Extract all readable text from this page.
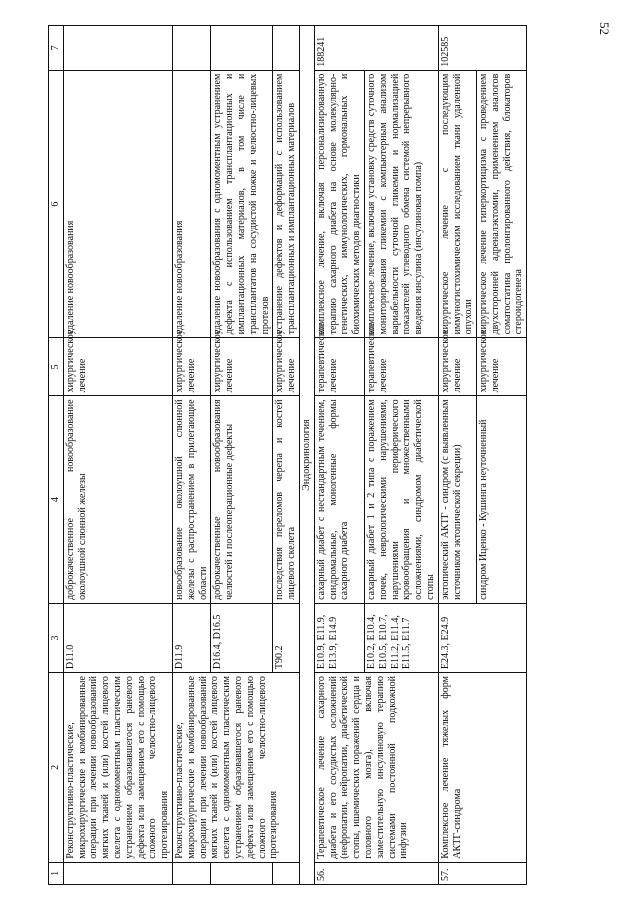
52
1	2	3	4	5	6	7
	Реконструктивно-пластические, микрохирургические и комбинированные операции при лечении новообразований мягких тканей и (или) костей лицевого скелета с одномоментным пластическим устранением образовавшегося раневого дефекта или замещением его с помощью сложного челюстно-лицевого протезирования	D11.0	доброкачественное новообразование околоушной слюнной железы	хирургическое лечение	удаление новообразования	
	Реконструктивно-пластические, микрохирургические и комбинированные операции при лечении новообразований мягких тканей и (или) костей лицевого скелета с одномоментным пластическим устранением образовавшегося раневого дефекта или замещением его с помощью сложного челюстно-лицевого протезирования	D11.9	новообразование околоушной слюнной железы с распространением в прилегающие области	хирургическое лечение	удаление новообразования	
		D16.4, D16.5	доброкачественные новообразования челюстей и послеоперационные дефекты	хирургическое лечение	удаление новообразования с одномоментным устранением дефекта с использованием трансплантационных и имплантационных материалов, в том числе и трансплантатов на сосудистой ножке и челюстно-лицевых протезов	
		T90.2	последствия переломов черепа и костей лицевого скелета	хирургическое лечение	устранение дефектов и деформаций с использованием трансплантационных и имплантационных материалов	
Эндокринология						
56.	Терапевтическое лечение сахарного диабета и его сосудистых осложнений (нефропатии, нейропатии, диабетической стопы, ишемических поражений сердца и головного мозга), включая заместительную инсулиновую терапию системами постоянной подкожной инфузии	E10.9, E11.9, E13.9, E14.9	сахарный диабет с нестандартным течением, синдромальные, моногенные формы сахарного диабета	терапевтическое лечение	комплексное лечение, включая персонализированную терапию сахарного диабета на основе молекулярно-генетических, иммунологических, гормональных и биохимических методов диагностики	188241
		E10.2, E10.4, E10.5, E10.7, E11.2, E11.4, E11.5, E11.7	сахарный диабет 1 и 2 типа с поражением почек, неврологическими нарушениями, нарушениями периферического кровообращения и множественными осложнениями, синдромом диабетической стопы	терапевтическое лечение	комплексное лечение, включая установку средств суточного мониторирования гликемии с компьютерным анализом вариабельности суточной гликемии и нормализацией показателей углеводного обмена системой непрерывного введения инсулина (инсулиновая помпа)	
57.	Комплексное лечение тяжелых форм АКТГ-синдрома	E24.3, E24.9	эктопический АКТГ - синдром (с выявленным источником эктопической секреции)	хирургическое лечение	хирургическое лечение с последующим иммуногистохимическим исследованием ткани удаленной опухоли	102585
			синдром Иценко - Кушинга неуточненный	хирургическое лечение	хирургическое лечение гиперкортицизма с проведением двухсторонней адреналэктомии, применением аналогов соматостатина пролонгированного действия, блокаторов стероидогенеза	
